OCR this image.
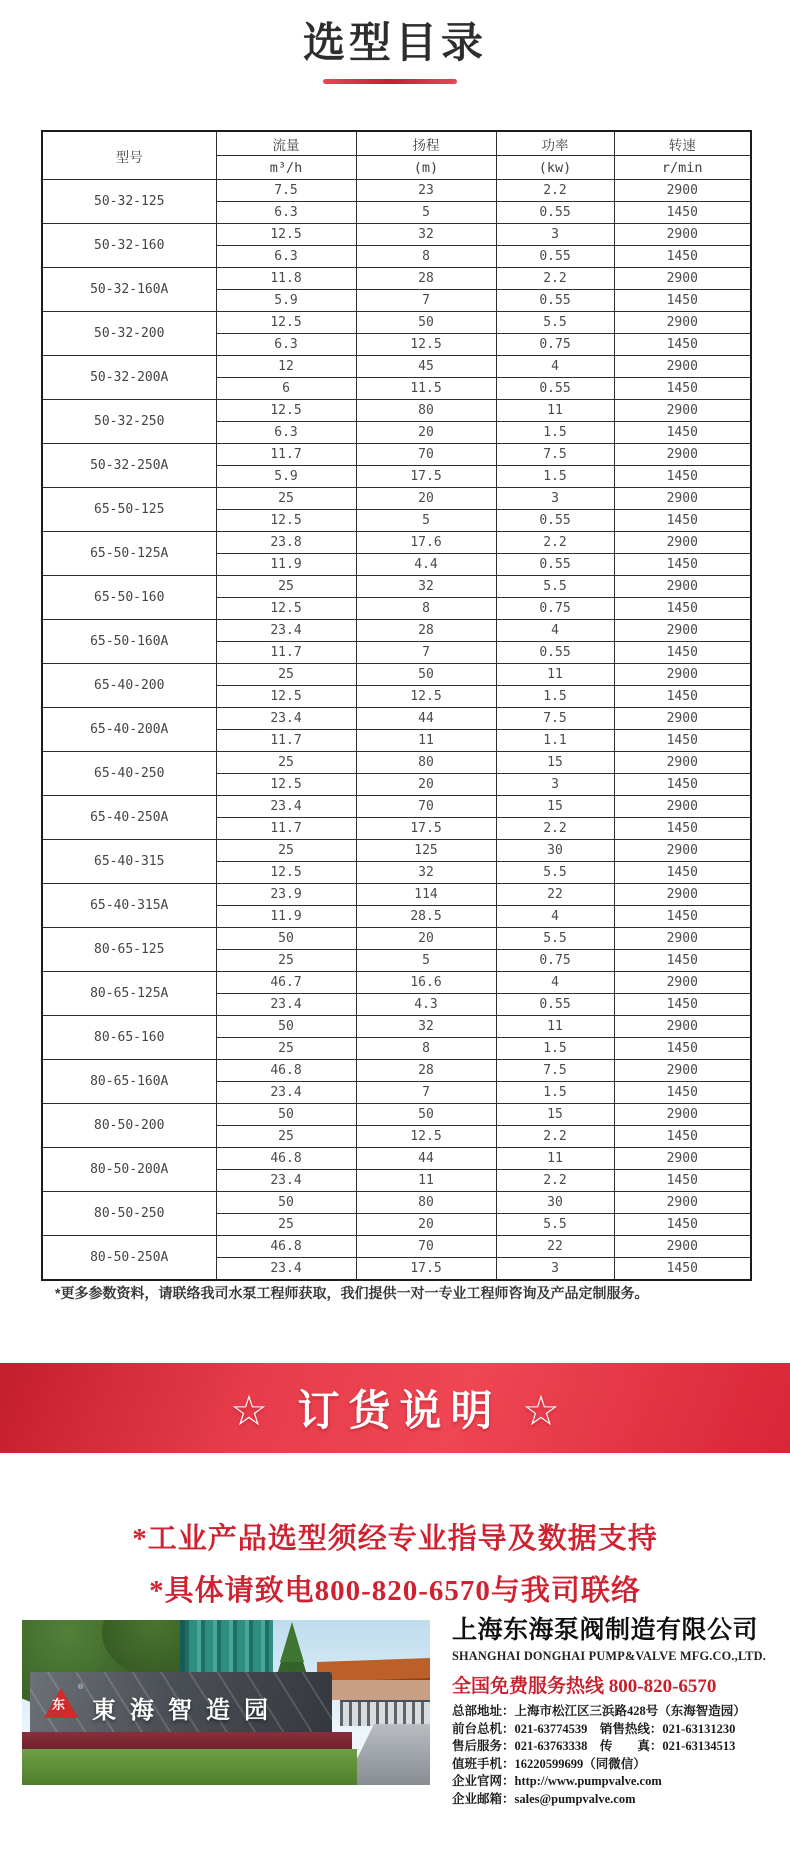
选型目录
型号	流量	扬程	功率	转速
	m³/h	(m)	(kw)	r/min
50-32-125	7.5	23	2.2	2900
	6.3	5	0.55	1450
50-32-160	12.5	32	3	2900
	6.3	8	0.55	1450
50-32-160A	11.8	28	2.2	2900
	5.9	7	0.55	1450
50-32-200	12.5	50	5.5	2900
	6.3	12.5	0.75	1450
50-32-200A	12	45	4	2900
	6	11.5	0.55	1450
50-32-250	12.5	80	11	2900
	6.3	20	1.5	1450
50-32-250A	11.7	70	7.5	2900
	5.9	17.5	1.5	1450
65-50-125	25	20	3	2900
	12.5	5	0.55	1450
65-50-125A	23.8	17.6	2.2	2900
	11.9	4.4	0.55	1450
65-50-160	25	32	5.5	2900
	12.5	8	0.75	1450
65-50-160A	23.4	28	4	2900
	11.7	7	0.55	1450
65-40-200	25	50	11	2900
	12.5	12.5	1.5	1450
65-40-200A	23.4	44	7.5	2900
	11.7	11	1.1	1450
65-40-250	25	80	15	2900
	12.5	20	3	1450
65-40-250A	23.4	70	15	2900
	11.7	17.5	2.2	1450
65-40-315	25	125	30	2900
	12.5	32	5.5	1450
65-40-315A	23.9	114	22	2900
	11.9	28.5	4	1450
80-65-125	50	20	5.5	2900
	25	5	0.75	1450
80-65-125A	46.7	16.6	4	2900
	23.4	4.3	0.55	1450
80-65-160	50	32	11	2900
	25	8	1.5	1450
80-65-160A	46.8	28	7.5	2900
	23.4	7	1.5	1450
80-50-200	50	50	15	2900
	25	12.5	2.2	1450
80-50-200A	46.8	44	11	2900
	23.4	11	2.2	1450
80-50-250	50	80	30	2900
	25	20	5.5	1450
80-50-250A	46.8	70	22	2900
	23.4	17.5	3	1450
*更多参数资料，请联络我司水泵工程师获取，我们提供一对一专业工程师咨询及产品定制服务。
☆ 订货说明 ☆
*工业产品选型须经专业指导及数据支持
*具体请致电800-820-6570与我司联络
东
®
東海智造园
上海东海泵阀制造有限公司
SHANGHAI DONGHAI PUMP&VALVE MFG.CO.,LTD.
全国免费服务热线 800-820-6570
总部地址：上海市松江区三浜路428号（东海智造园）
前台总机：021-63774539　销售热线：021-63131230
售后服务：021-63763338　传　　真：021-63134513
值班手机：16220599699（同微信）
企业官网：http://www.pumpvalve.com
企业邮箱：sales@pumpvalve.com
